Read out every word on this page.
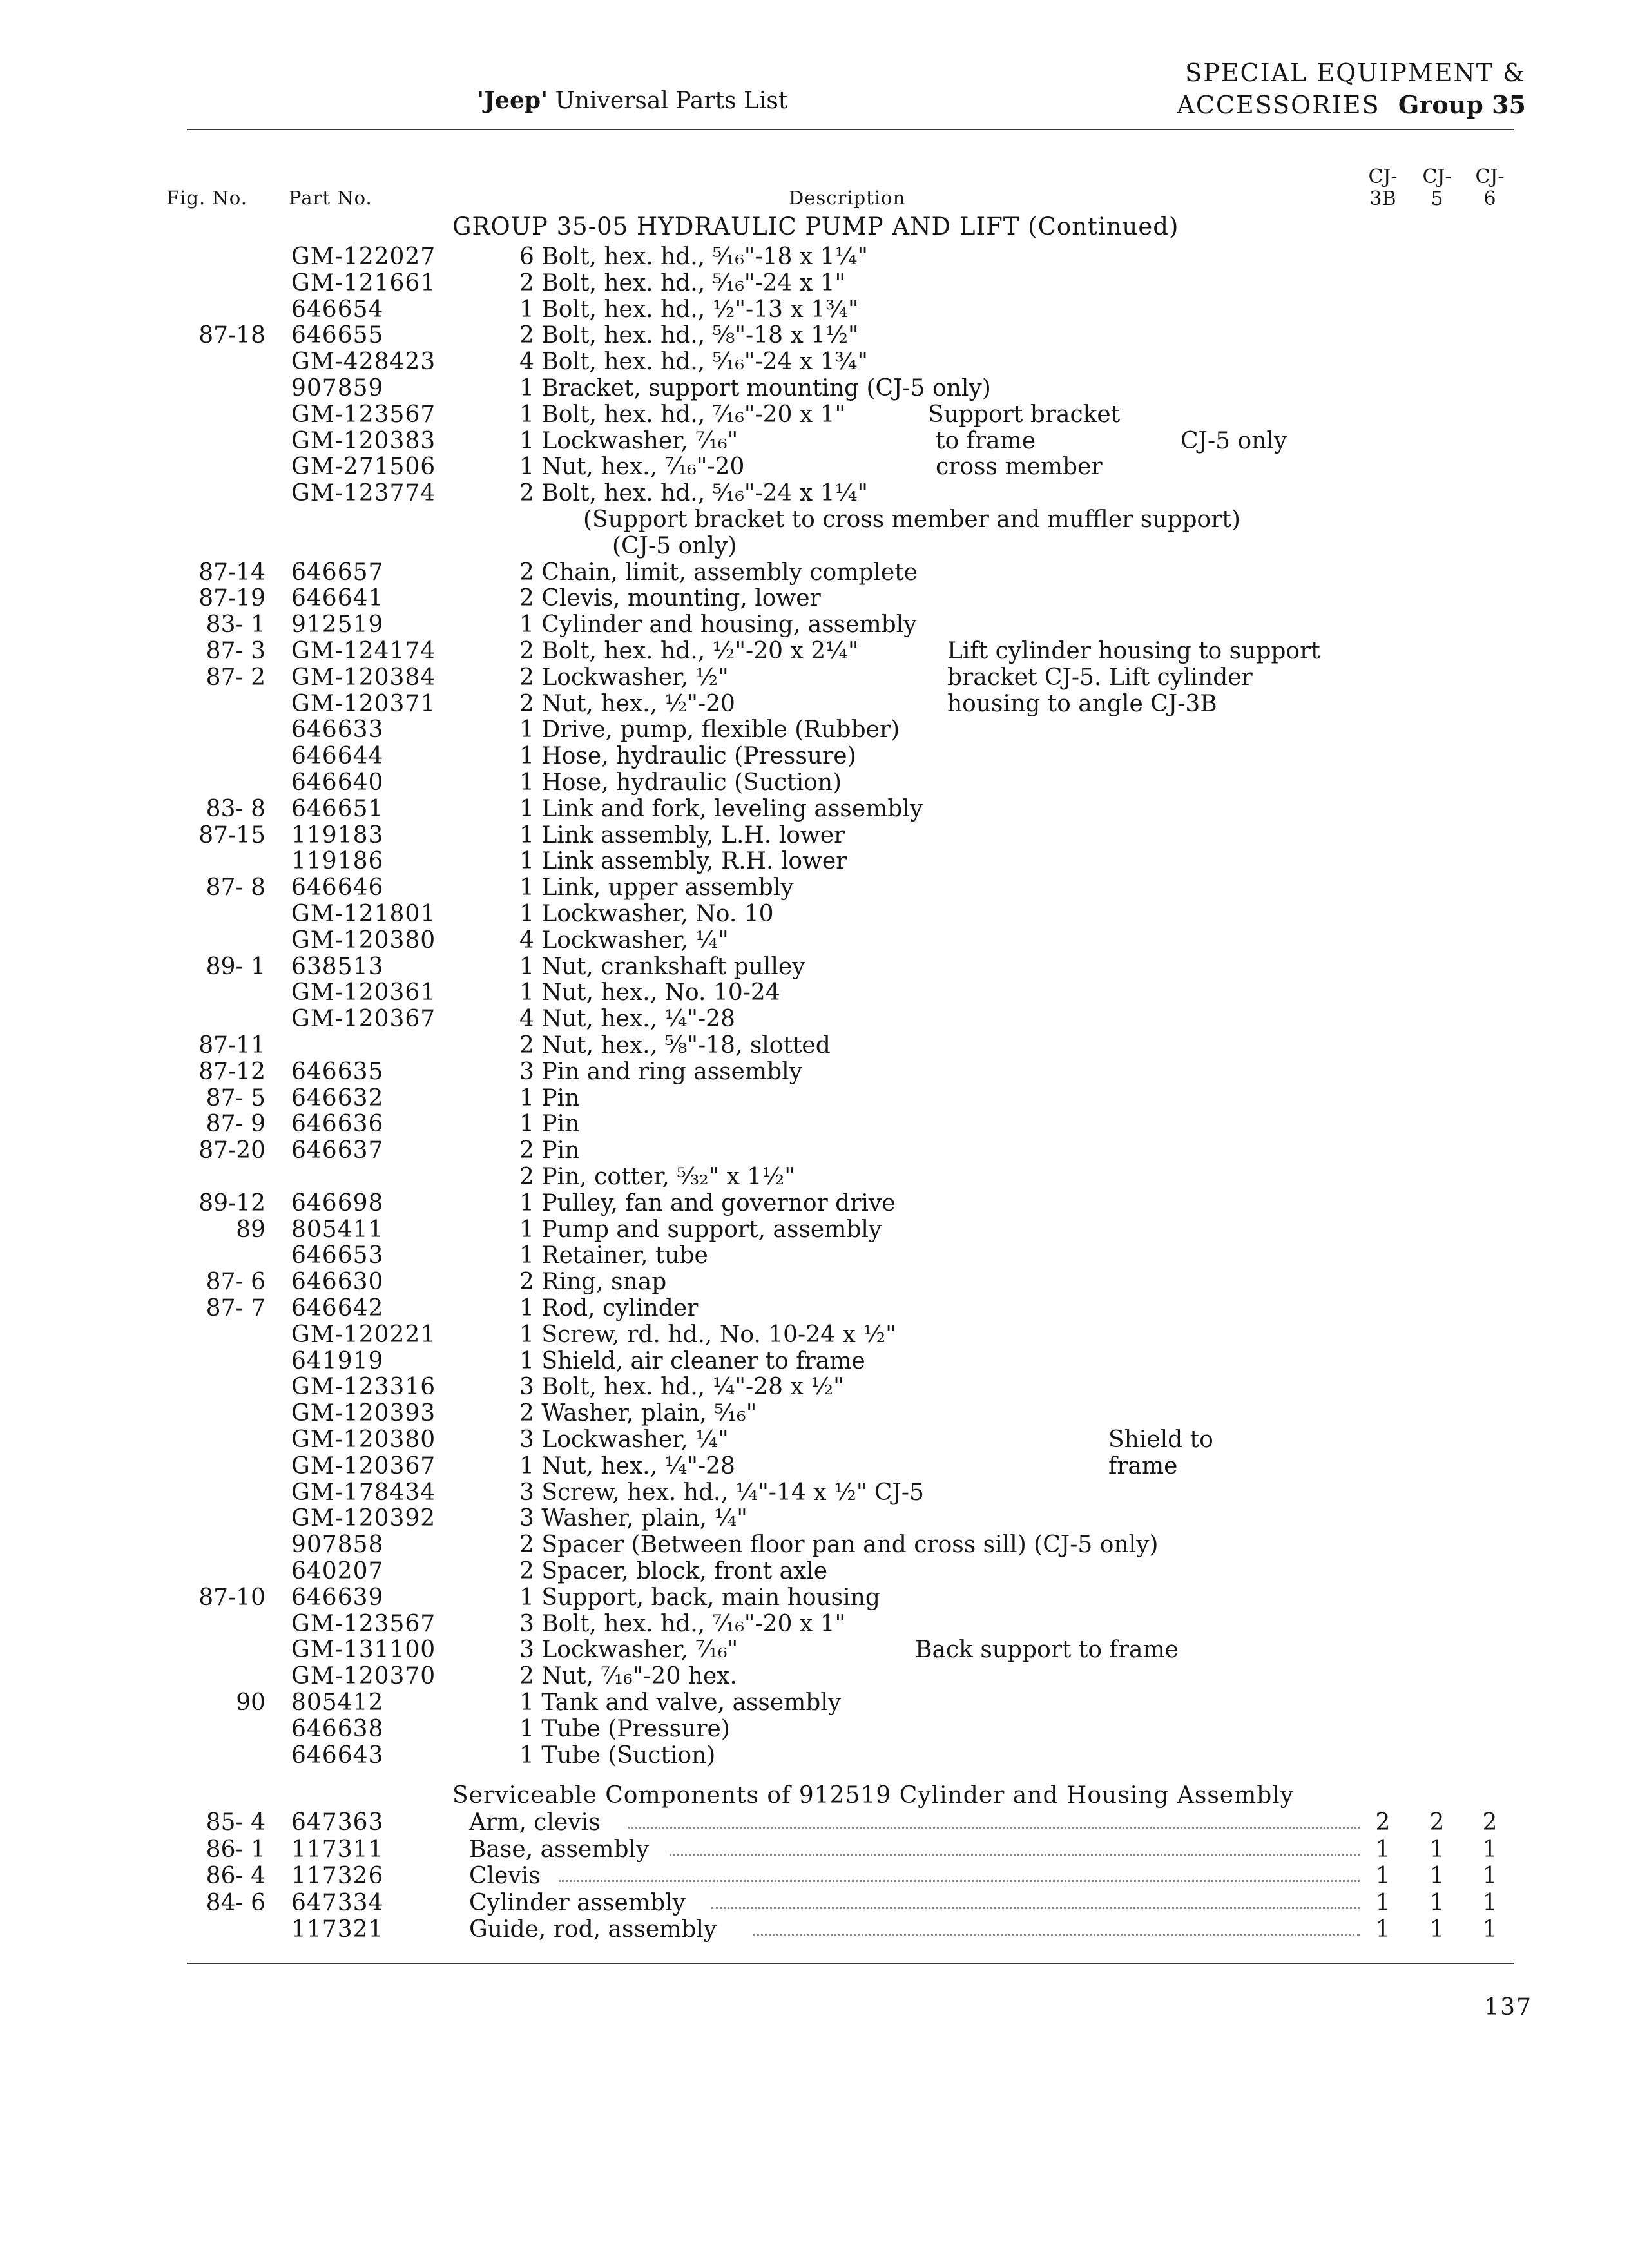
'Jeep' Universal Parts List
SPECIAL EQUIPMENT &
ACCESSORIES Group 35
Fig. No. Part No.	Description
CJ-
3B
CJ-
5
CJ-
6
GROUP 35-05 HYDRAULIC PUMP AND LIFT (Continued)
GM-122027	6 Bolt, hex. hd., ⁵⁄₁₆"-18 x 1¼"
GM-121661	2 Bolt, hex. hd., ⁵⁄₁₆"-24 x 1"
646654	1 Bolt, hex. hd., ½"-13 x 1¾"
87-18 646655	2 Bolt, hex. hd., ⅝"-18 x 1½"
GM-428423	4 Bolt, hex. hd., ⁵⁄₁₆"-24 x 1¾"
907859	1 Bracket, support mounting (CJ-5 only)
GM-123567	1 Bolt, hex. hd., ⁷⁄₁₆"-20 x 1"	Support bracket
GM-120383	1 Lockwasher, ⁷⁄₁₆"	to frame	CJ-5 only
GM-271506	1 Nut, hex., ⁷⁄₁₆"-20	cross member
GM-123774	2 Bolt, hex. hd., ⁵⁄₁₆"-24 x 1¼"
(Support bracket to cross member and muffler support)
(CJ-5 only)
87-14 646657	2 Chain, limit, assembly complete
87-19 646641	2 Clevis, mounting, lower
83- 1 912519	1 Cylinder and housing, assembly
87- 3 GM-124174	2 Bolt, hex. hd., ½"-20 x 2¼"	Lift cylinder housing to support
87- 2 GM-120384	2 Lockwasher, ½"	bracket CJ-5. Lift cylinder
GM-120371	2 Nut, hex., ½"-20	housing to angle CJ-3B
646633	1 Drive, pump, flexible (Rubber)
646644	1 Hose, hydraulic (Pressure)
646640	1 Hose, hydraulic (Suction)
83- 8 646651	1 Link and fork, leveling assembly
87-15 119183	1 Link assembly, L.H. lower
119186	1 Link assembly, R.H. lower
87- 8 646646	1 Link, upper assembly
GM-121801	1 Lockwasher, No. 10
GM-120380	4 Lockwasher, ¼"
89- 1 638513	1 Nut, crankshaft pulley
GM-120361	1 Nut, hex., No. 10-24
GM-120367	4 Nut, hex., ¼"-28
87-11	2 Nut, hex., ⅝"-18, slotted
87-12 646635	3 Pin and ring assembly
87- 5 646632	1 Pin
87- 9 646636	1 Pin
87-20 646637	2 Pin
2 Pin, cotter, ⁵⁄₃₂" x 1½"
89-12 646698	1 Pulley, fan and governor drive
89 805411	1 Pump and support, assembly
646653	1 Retainer, tube
87- 6 646630	2 Ring, snap
87- 7 646642	1 Rod, cylinder
GM-120221	1 Screw, rd. hd., No. 10-24 x ½"
641919	1 Shield, air cleaner to frame
GM-123316	3 Bolt, hex. hd., ¼"-28 x ½"
GM-120393	2 Washer, plain, ⁵⁄₁₆"
GM-120380	3 Lockwasher, ¼"	Shield to
GM-120367	1 Nut, hex., ¼"-28	frame
GM-178434	3 Screw, hex. hd., ¼"-14 x ½" CJ-5
GM-120392	3 Washer, plain, ¼"
907858	2 Spacer (Between floor pan and cross sill) (CJ-5 only)
640207	2 Spacer, block, front axle
87-10 646639	1 Support, back, main housing
GM-123567	3 Bolt, hex. hd., ⁷⁄₁₆"-20 x 1"
GM-131100	3 Lockwasher, ⁷⁄₁₆"	Back support to frame
GM-120370	2 Nut, ⁷⁄₁₆"-20 hex.
90 805412	1 Tank and valve, assembly
646638	1 Tube (Pressure)
646643	1 Tube (Suction)
Serviceable Components of 912519 Cylinder and Housing Assembly
85- 4 647363	Arm, clevis	2	2	2
86- 1 117311	Base, assembly	1	1	1
86- 4 117326	Clevis	1	1	1
84- 6 647334	Cylinder assembly	1	1	1
117321	Guide, rod, assembly	1	1	1
137
